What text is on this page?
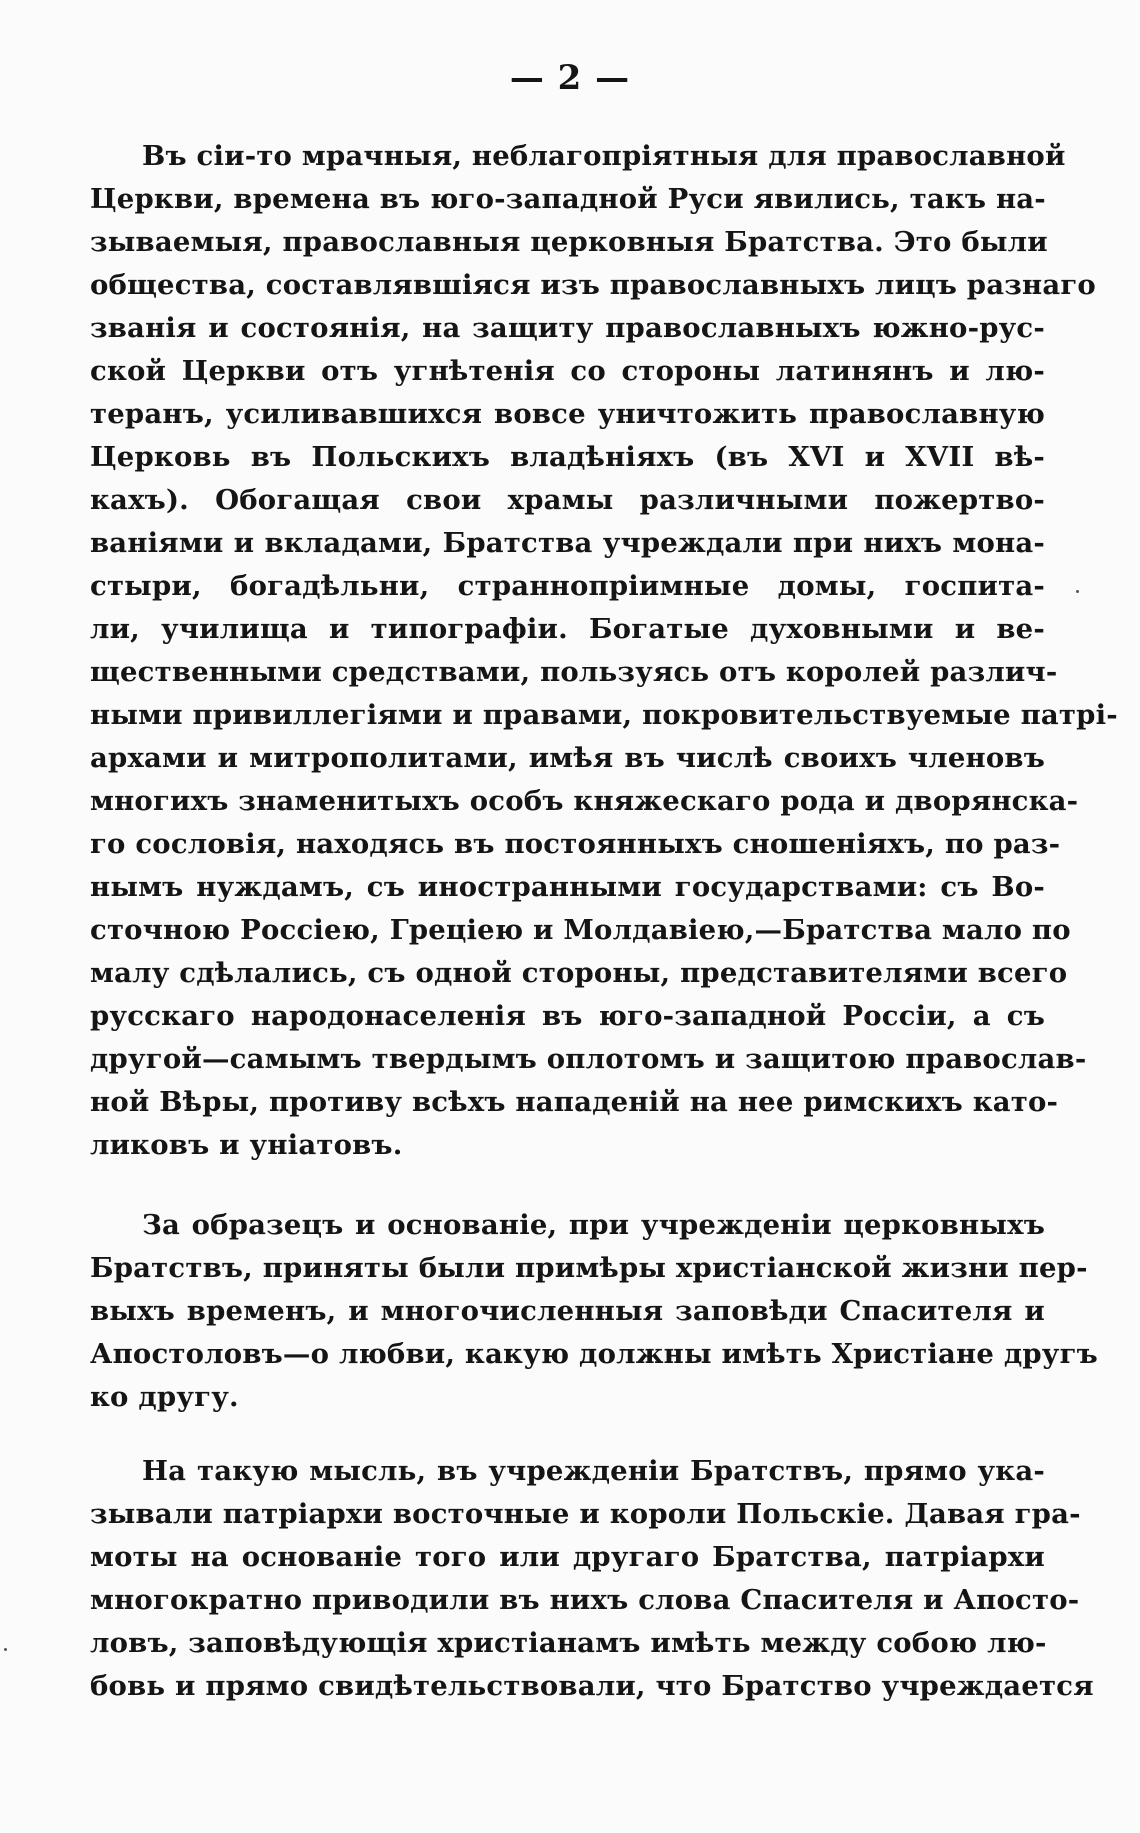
— 2 —
Въ сіи-то мрачныя, неблагопріятныя для православной
Церкви, времена въ юго-западной Руси явились, такъ на-
зываемыя, православныя церковныя Братства. Это были
общества, составлявшіяся изъ православныхъ лицъ разнаго
званія и состоянія, на защиту православныхъ южно-рус-
ской Церкви отъ угнѣтенія со стороны латинянъ и лю-
теранъ, усиливавшихся вовсе уничтожить православную
Церковь въ Польскихъ владѣніяхъ (въ XVI и XVII вѣ-
кахъ). Обогащая свои храмы различными пожертво-
ваніями и вкладами, Братства учреждали при нихъ мона-
стыри, богадѣльни, страннопріимные домы, госпита-
ли, училища и типографіи. Богатые духовными и ве-
щественными средствами, пользуясь отъ королей различ-
ными привиллегіями и правами, покровительствуемые патрі-
архами и митрополитами, имѣя въ числѣ своихъ членовъ
многихъ знаменитыхъ особъ княжескаго рода и дворянска-
го сословія, находясь въ постоянныхъ сношеніяхъ, по раз-
нымъ нуждамъ, съ иностранными государствами: съ Во-
сточною Россіею, Грецiею и Молдавіею,—Братства мало по
малу сдѣлались, съ одной стороны, представителями всего
русскаго народонаселенія въ юго-западной Россіи, а съ
другой—самымъ твердымъ оплотомъ и защитою православ-
ной Вѣры, противу всѣхъ нападеній на нее римскихъ като-
ликовъ и уніатовъ.
За образецъ и основаніе, при учрежденіи церковныхъ
Братствъ, приняты были примѣры христіанской жизни пер-
выхъ временъ, и многочисленныя заповѣди Спасителя и
Апостоловъ—о любви, какую должны имѣть Христіане другъ
ко другу.
На такую мысль, въ учрежденіи Братствъ, прямо ука-
зывали патріархи восточные и короли Польскіе. Давая гра-
моты на основаніе того или другаго Братства, патріархи
многократно приводили въ нихъ слова Спасителя и Апосто-
ловъ, заповѣдующія христіанамъ имѣть между собою лю-
бовь и прямо свидѣтельствовали, что Братство учреждается
